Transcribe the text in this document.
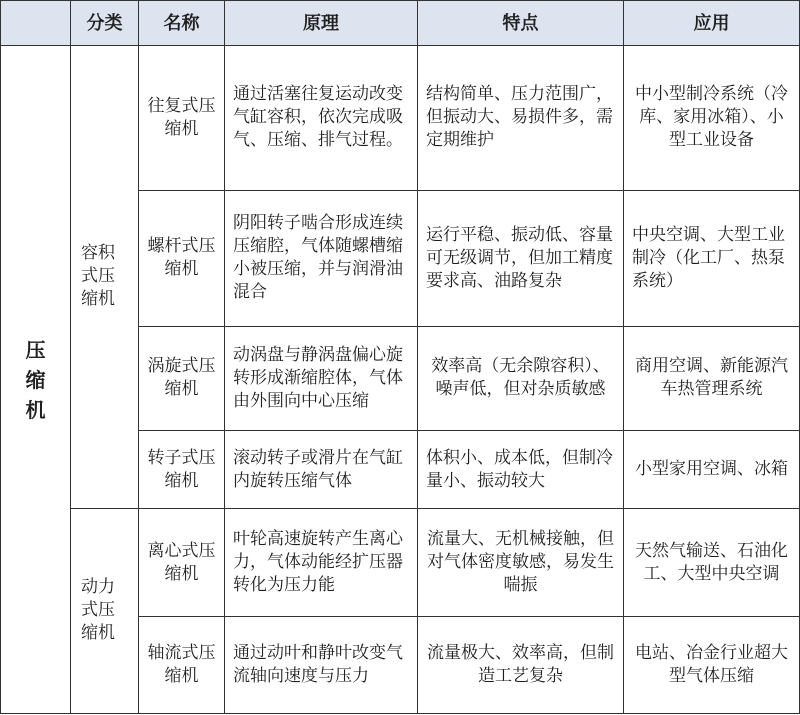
	分类	名称	原理	特点	应用
压缩机	容积式压缩机	往复式压缩机	通过活塞往复运动改变气缸容积，依次完成吸气、压缩、排气过程。	结构简单、压力范围广，但振动大、易损件多，需定期维护	中小型制冷系统（冷库、家用冰箱）、小型工业设备
		螺杆式压缩机	阴阳转子啮合形成连续压缩腔，气体随螺槽缩小被压缩，并与润滑油混合	运行平稳、振动低、容量可无级调节，但加工精度要求高、油路复杂	中央空调、大型工业制冷（化工厂、热泵系统）
		涡旋式压缩机	动涡盘与静涡盘偏心旋转形成渐缩腔体，气体由外围向中心压缩	效率高（无余隙容积）、噪声低，但对杂质敏感	商用空调、新能源汽车热管理系统
		转子式压缩机	滚动转子或滑片在气缸内旋转压缩气体	体积小、成本低，但制冷量小、振动较大	小型家用空调、冰箱
	动力式压缩机	离心式压缩机	叶轮高速旋转产生离心力，气体动能经扩压器转化为压力能	流量大、无机械接触，但对气体密度敏感，易发生喘振	天然气输送、石油化工、大型中央空调
		轴流式压缩机	通过动叶和静叶改变气流轴向速度与压力	流量极大、效率高，但制造工艺复杂	电站、冶金行业超大型气体压缩
